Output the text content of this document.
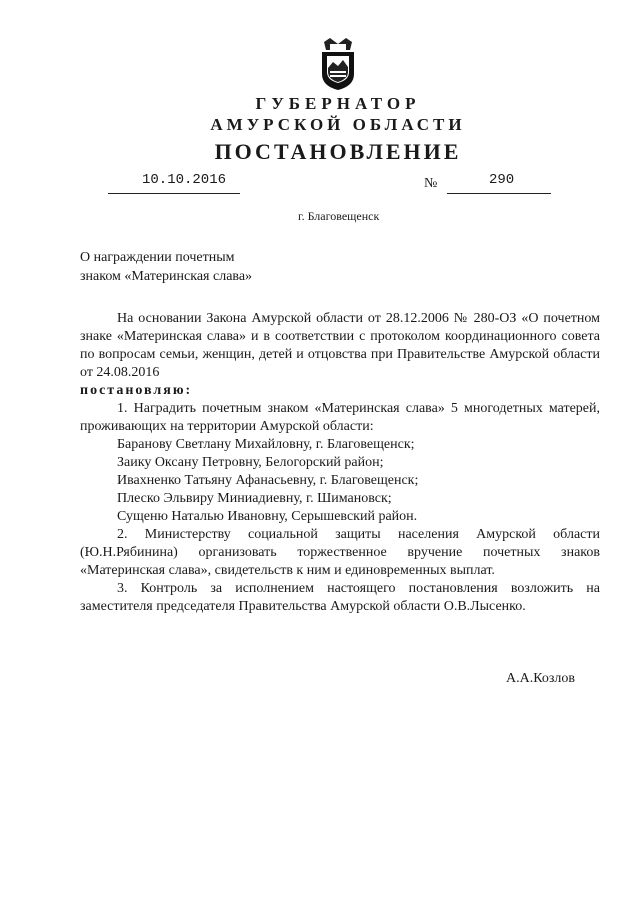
ГУБЕРНАТОР
АМУРСКОЙ ОБЛАСТИ
ПОСТАНОВЛЕНИЕ
10.10.2016	№	290
г. Благовещенск
О награждении почетным
знаком «Материнская слава»

На основании Закона Амурской области от 28.12.2006 № 280-ОЗ «О почетном знаке «Материнская слава» и в соответствии с протоколом координационного совета по вопросам семьи, женщин, детей и отцовства при Правительстве Амурской области от 24.08.2016

постановляю:

1. Наградить почетным знаком «Материнская слава» 5 многодетных матерей, проживающих на территории Амурской области:

Баранову Светлану Михайловну, г. Благовещенск;

Заику Оксану Петровну, Белогорский район;

Ивахненко Татьяну Афанасьевну, г. Благовещенск;

Плеско Эльвиру Миниадиевну, г. Шимановск;

Сущеню Наталью Ивановну, Серышевский район.

2. Министерству социальной защиты населения Амурской области (Ю.Н.Рябинина) организовать торжественное вручение почетных знаков «Материнская слава», свидетельств к ним и единовременных выплат.

3. Контроль за исполнением настоящего постановления возложить на заместителя председателя Правительства Амурской области О.В.Лысенко.

А.А.Козлов
